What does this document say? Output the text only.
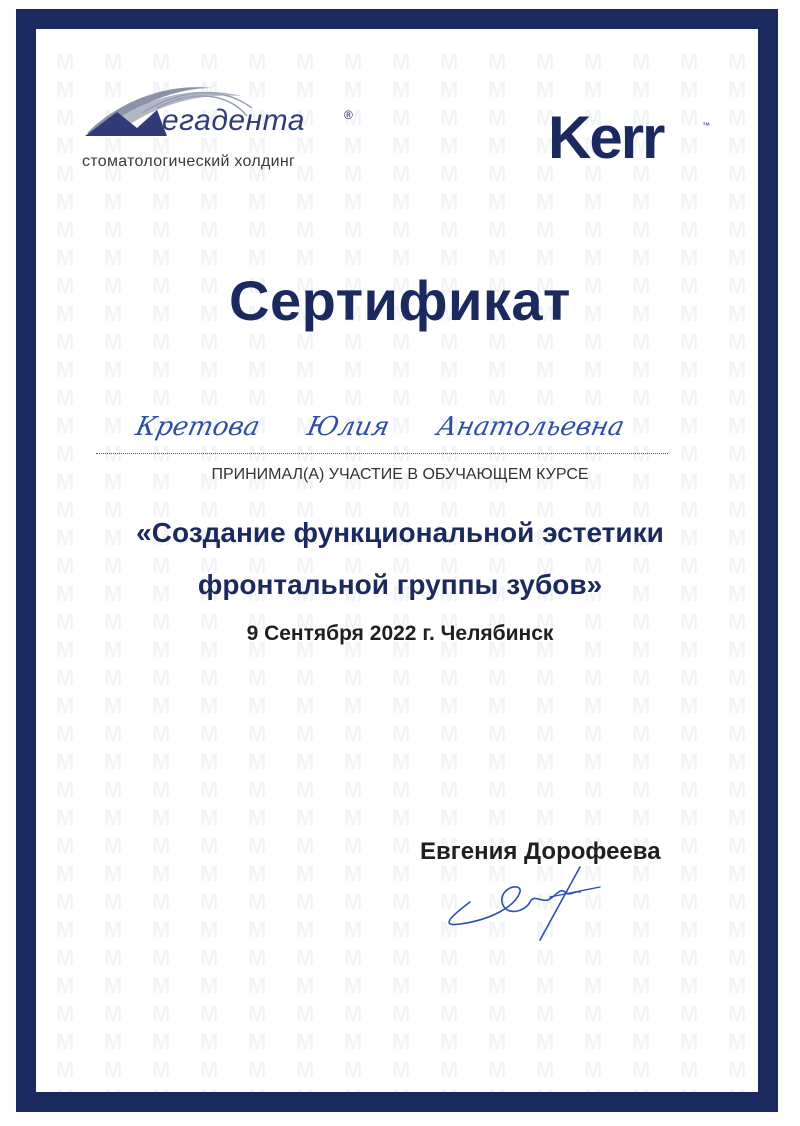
егадента	®
стоматологический холдинг	Kerr	™
Сертификат
Кретова Юлия Анатольевна
ПРИНИМАЛ(А) УЧАСТИЕ В ОБУЧАЮЩЕМ КУРСЕ
«Создание функциональной эстетики фронтальной группы зубов»
9 Сентября 2022 г. Челябинск
Евгения Дорофеева
